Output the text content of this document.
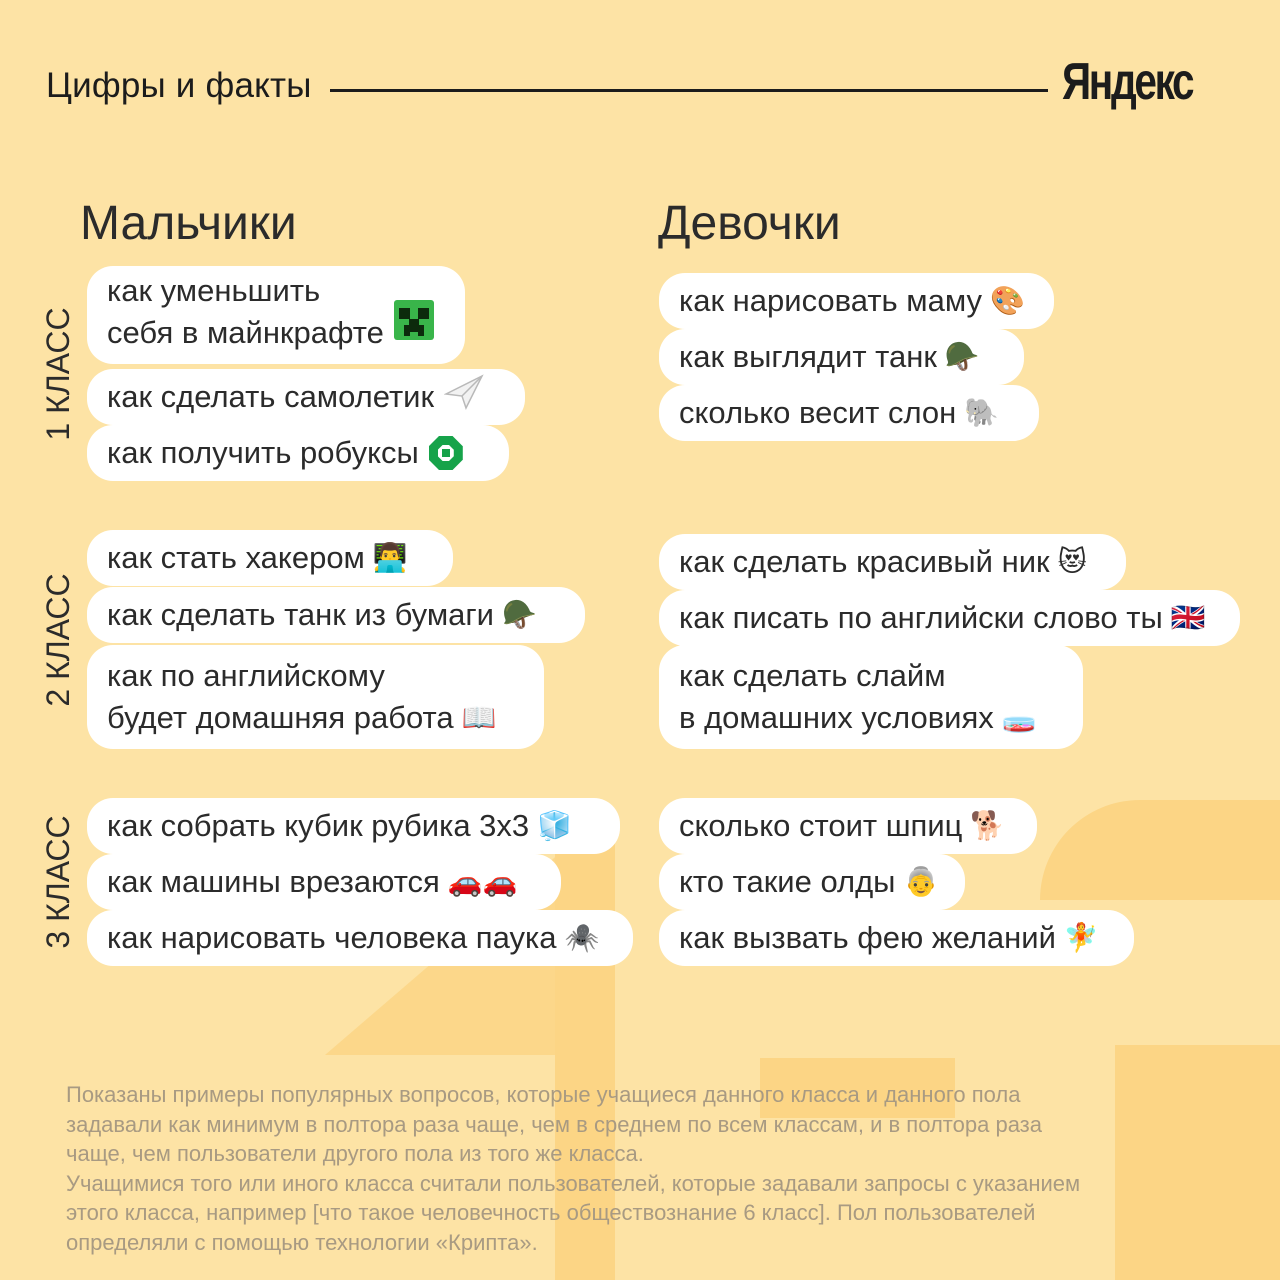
Цифры и факты	Яндекс
Мальчики	Девочки
1 КЛАСС
2 КЛАСС
3 КЛАСС
как уменьшить
себя в майнкрафте
как сделать самолетик
как получить робуксы
как стать хакером 👨‍💻
как сделать танк из бумаги 🪖
как по английскому
будет домашняя работа 📖
как собрать кубик рубика 3х3 🧊
как машины врезаются 🚗🚗
как нарисовать человека паука 🕷️
как нарисовать маму 🎨
как выглядит танк 🪖
сколько весит слон 🐘
как сделать красивый ник 😻
как писать по английски слово ты 🇬🇧
как сделать слайм
в домашних условиях 🧫
сколько стоит шпиц 🐕
кто такие олды 👵
как вызвать фею желаний 🧚

Показаны примеры популярных вопросов, которые учащиеся данного класса и данного пола
задавали как минимум в полтора раза чаще, чем в среднем по всем классам, и в полтора раза
чаще, чем пользователи другого пола из того же класса.

Учащимися того или иного класса считали пользователей, которые задавали запросы с указанием
этого класса, например [что такое человечность обществознание 6 класс]. Пол пользователей
определяли с помощью технологии «Крипта».
